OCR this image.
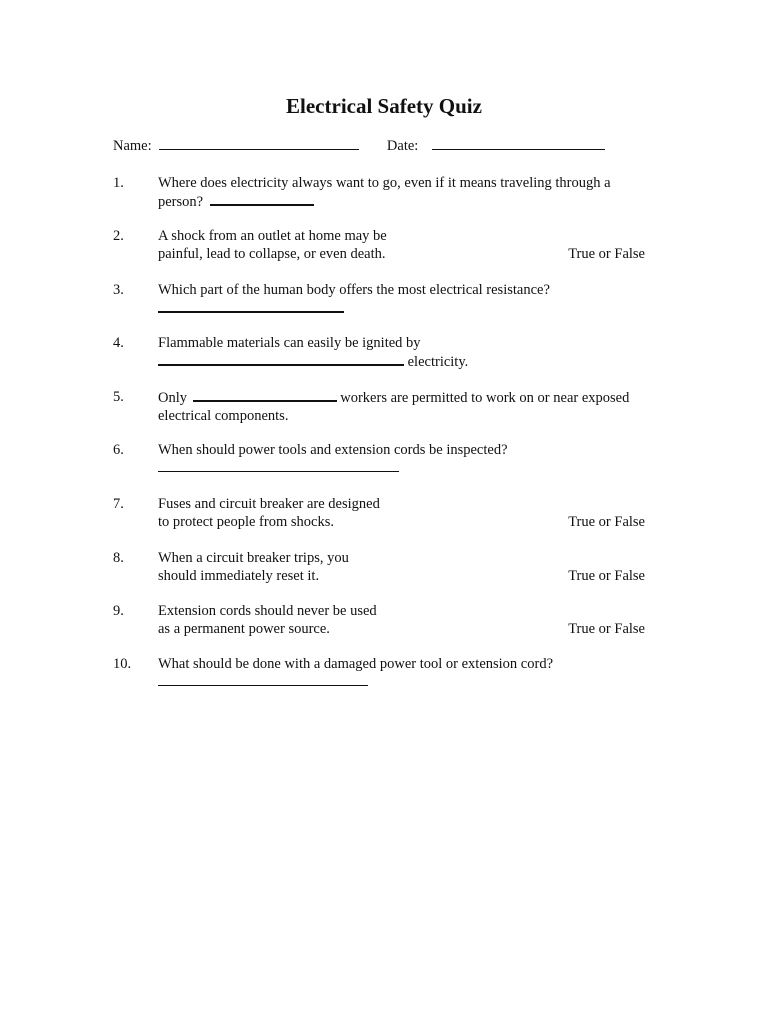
Electrical Safety Quiz
Name:	Date:
1. Where does electricity always want to go, even if it means traveling through a
person?
2. A shock from an outlet at home may be
painful, lead to collapse, or even death.	True or False
3. Which part of the human body offers the most electrical resistance?
4. Flammable materials can easily be ignited by
electricity.
5. Only	workers are permitted to work on or near exposed
electrical components.
6. When should power tools and extension cords be inspected?
7. Fuses and circuit breaker are designed
to protect people from shocks.	True or False
8. When a circuit breaker trips, you
should immediately reset it.	True or False
9. Extension cords should never be used
as a permanent power source.	True or False
10. What should be done with a damaged power tool or extension cord?
